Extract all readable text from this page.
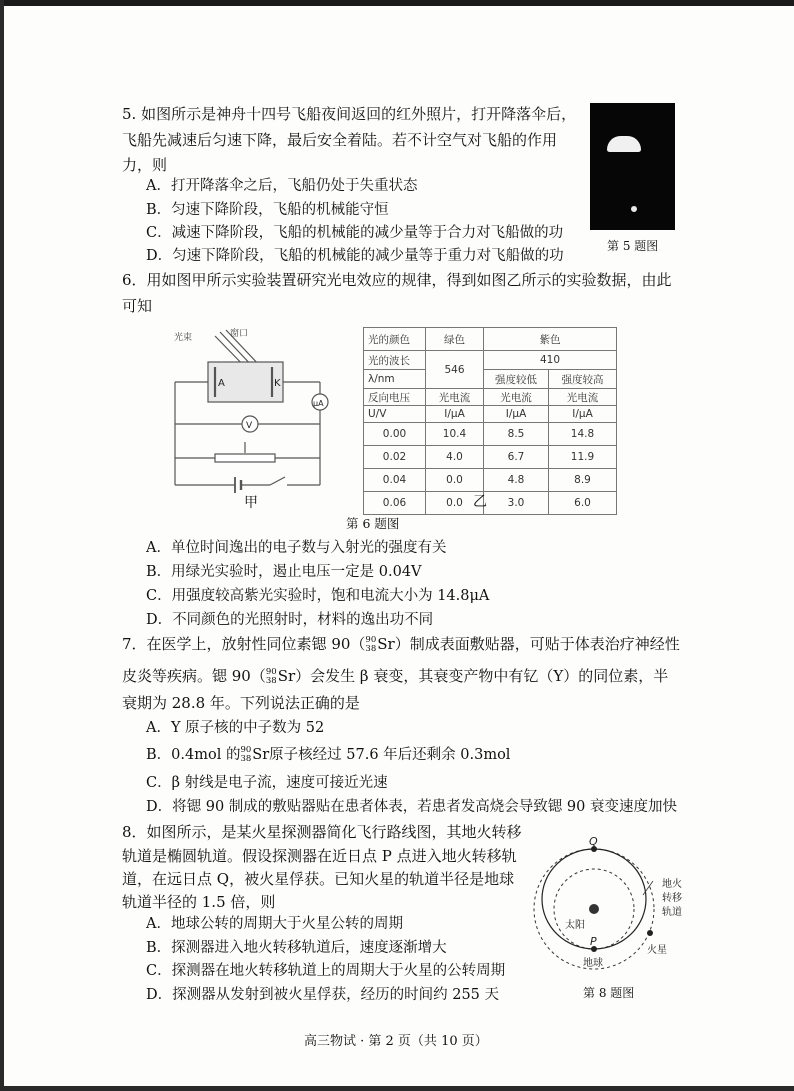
5. 如图所示是神舟十四号飞船夜间返回的红外照片，打开降落伞后，
飞船先减速后匀速下降，最后安全着陆。若不计空气对飞船的作用
力，则
A．打开降落伞之后，飞船仍处于失重状态
B．匀速下降阶段，飞船的机械能守恒
C．减速下降阶段，飞船的机械能的减少量等于合力对飞船做的功
D．匀速下降阶段，飞船的机械能的减少量等于重力对飞船做的功
第 5 题图
6．用如图甲所示实验装置研究光电效应的规律，得到如图乙所示的实验数据，由此
可知
光束	窗口
A	K
μA
V
甲
光的颜色	绿色	紫色	
光的波长	546	410	
λ/nm		强度较低	强度较高
反向电压	光电流	光电流	光电流
U/V	I/μA	I/μA	I/μA
0.00	10.4	8.5	14.8
0.02	4.0	6.7	11.9
0.04	0.0	4.8	8.9
0.06	0.0	3.0	6.0
乙
第 6 题图
A．单位时间逸出的电子数与入射光的强度有关
B．用绿光实验时，遏止电压一定是 0.04V
C．用强度较高紫光实验时，饱和电流大小为 14.8μA
D．不同颜色的光照射时，材料的逸出功不同
7．在医学上，放射性同位素锶 90（ 90
38 Sr）制成表面敷贴器，可贴于体表治疗神经性
皮炎等疾病。锶 90（ 90
38 Sr）会发生 β 衰变，其衰变产物中有钇（Y）的同位素，半
衰期为 28.8 年。下列说法正确的是
A．Y 原子核的中子数为 52
B．0.4mol 的 90
38 Sr原子核经过 57.6 年后还剩余 0.3mol
C．β 射线是电子流，速度可接近光速
D．将锶 90 制成的敷贴器贴在患者体表，若患者发高烧会导致锶 90 衰变速度加快
8．如图所示，是某火星探测器简化飞行路线图，其地火转移
轨道是椭圆轨道。假设探测器在近日点 P 点进入地火转移轨
道，在远日点 Q，被火星俘获。已知火星的轨道半径是地球
轨道半径的 1.5 倍，则
A．地球公转的周期大于火星公转的周期
B．探测器进入地火转移轨道后，速度逐渐增大
C．探测器在地火转移轨道上的周期大于火星的公转周期
D．探测器从发射到被火星俘获，经历的时间约 255 天
Q
P
太阳
地球
火星
地火
转移
轨道
第 8 题图
高三物试 · 第 2 页（共 10 页）
